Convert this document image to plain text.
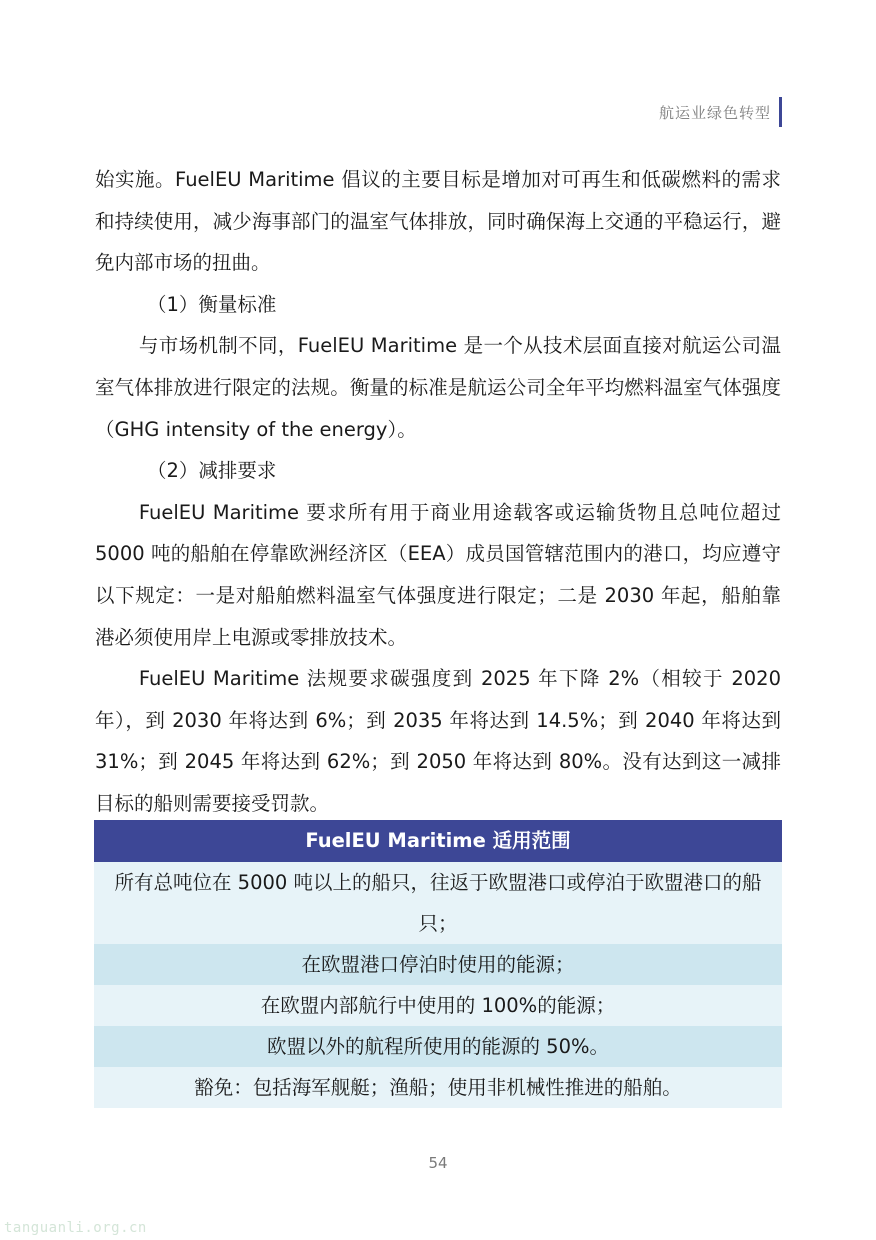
航运业绿色转型

始实施。FuelEU Maritime 倡议的主要目标是增加对可再生和低碳燃料的需求和持续使用，减少海事部门的温室气体排放，同时确保海上交通的平稳运行，避免内部市场的扭曲。

（1）衡量标准

与市场机制不同，FuelEU Maritime 是一个从技术层面直接对航运公司温室气体排放进行限定的法规。衡量的标准是航运公司全年平均燃料温室气体强度（GHG intensity of the energy）。

（2）减排要求

FuelEU Maritime 要求所有用于商业用途载客或运输货物且总吨位超过 5000 吨的船舶在停靠欧洲经济区（EEA）成员国管辖范围内的港口，均应遵守以下规定：一是对船舶燃料温室气体强度进行限定；二是 2030 年起，船舶靠港必须使用岸上电源或零排放技术。

FuelEU Maritime 法规要求碳强度到 2025 年下降 2%（相较于 2020 年），到 2030 年将达到 6%；到 2035 年将达到 14.5%；到 2040 年将达到 31%；到 2045 年将达到 62%；到 2050 年将达到 80%。没有达到这一减排目标的船则需要接受罚款。

FuelEU Maritime 适用范围
所有总吨位在 5000 吨以上的船只，往返于欧盟港口或停泊于欧盟港口的船只；
在欧盟港口停泊时使用的能源；
在欧盟内部航行中使用的 100%的能源；
欧盟以外的航程所使用的能源的 50%。
豁免：包括海军舰艇；渔船；使用非机械性推进的船舶。
54
tanguanli.org.cn
